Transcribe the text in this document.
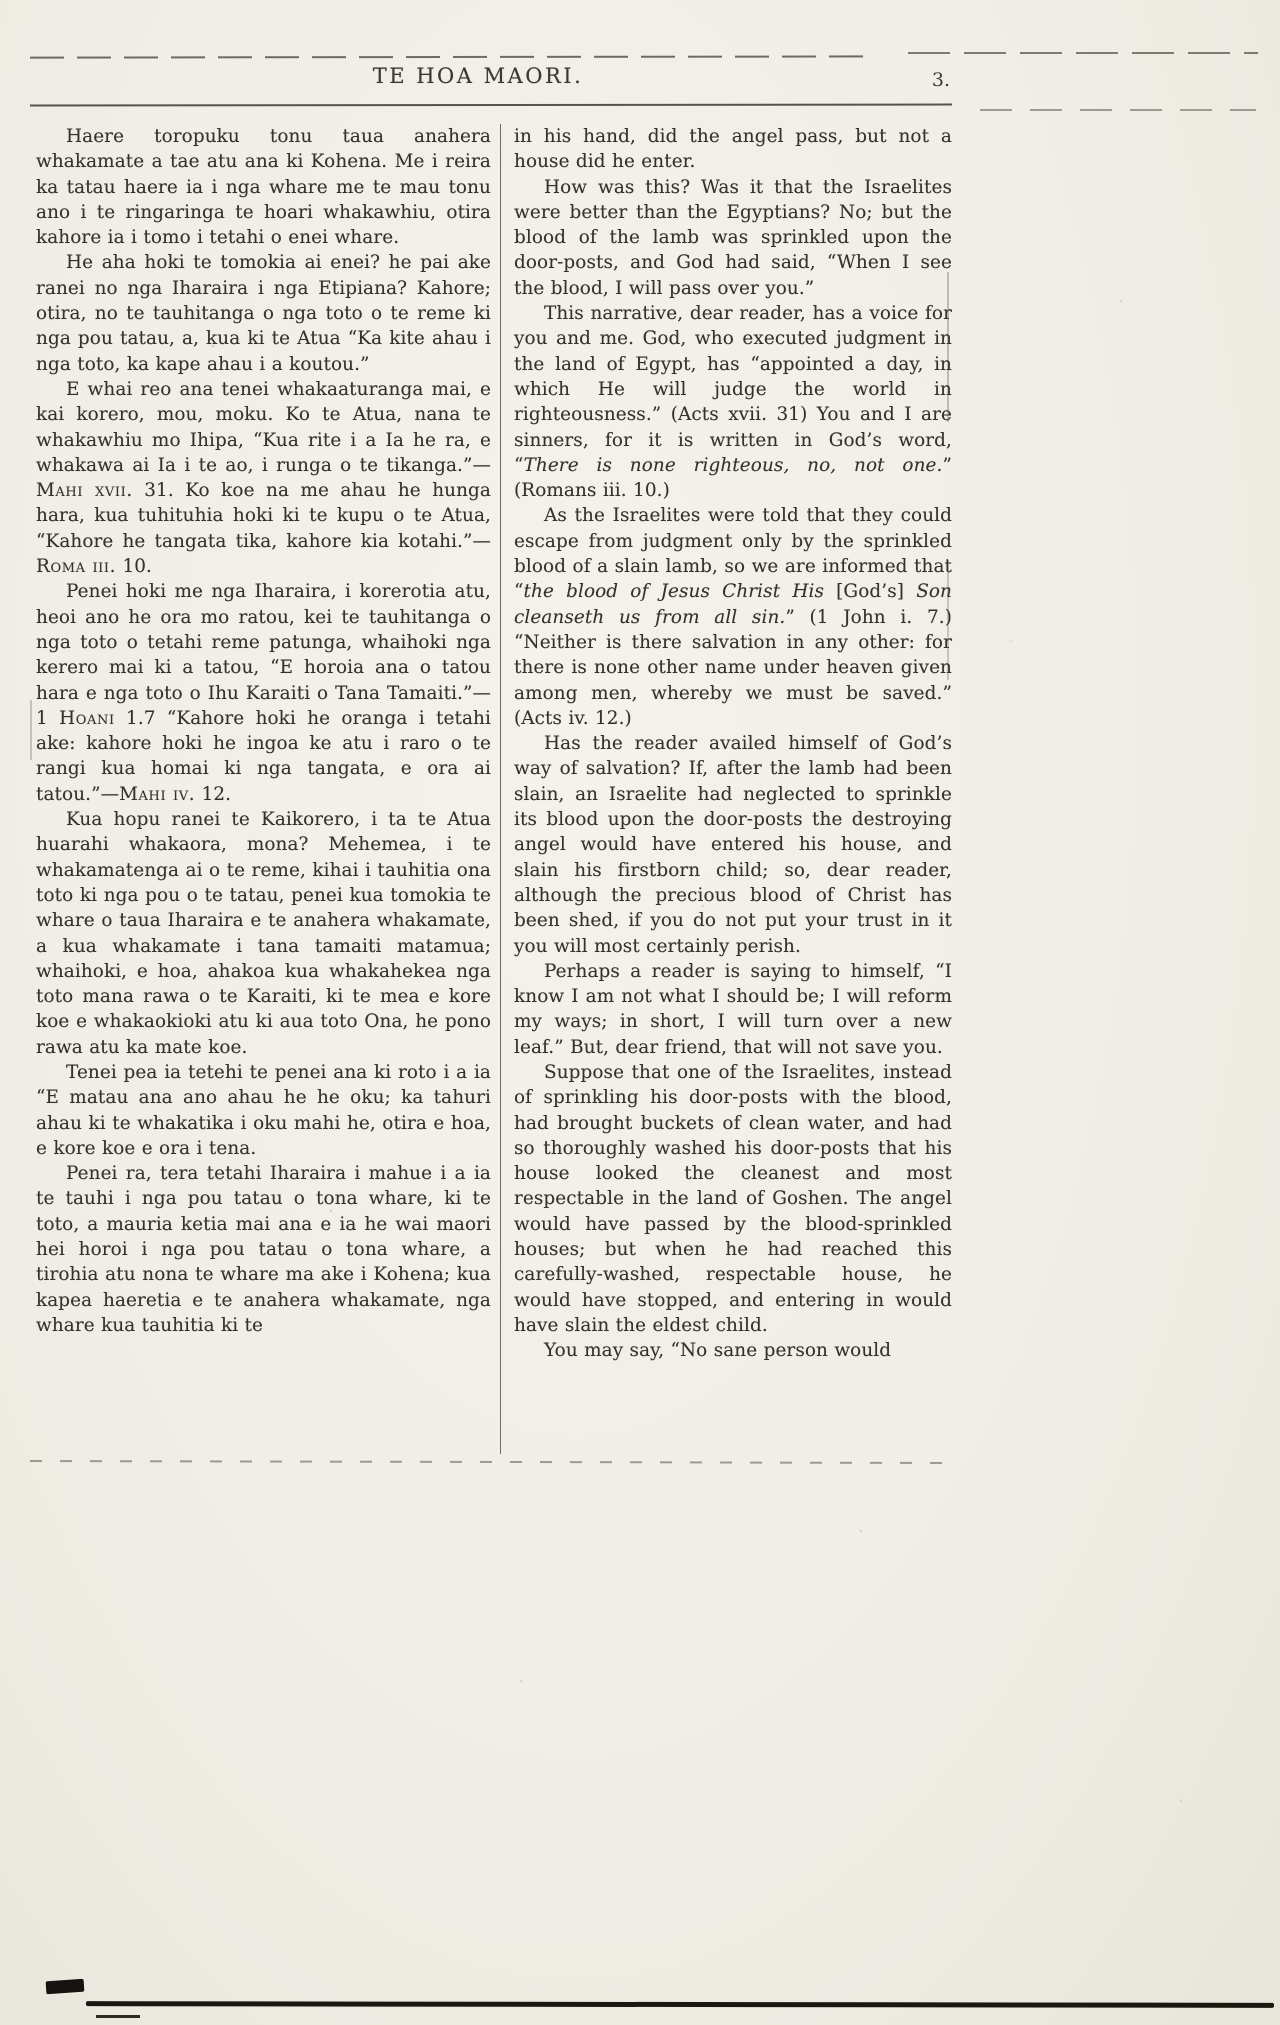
TE HOA MAORI.	3.

Haere toropuku tonu taua anahera whakamate a tae atu ana ki Kohena. Me i reira ka tatau haere ia i nga whare me te mau tonu ano i te ringaringa te hoari whakawhiu, otira kahore ia i tomo i tetahi o enei whare.

He aha hoki te tomokia ai enei? he pai ake ranei no nga Iharaira i nga Etipiana? Kahore; otira, no te tauhitanga o nga toto o te reme ki nga pou tatau, a, kua ki te Atua “Ka kite ahau i nga toto, ka kape ahau i a koutou.”

E whai reo ana tenei whakaaturanga mai, e kai korero, mou, moku. Ko te Atua, nana te whakawhiu mo Ihipa, “Kua rite i a Ia he ra, e whakawa ai Ia i te ao, i runga o te tikanga.”—Mahi xvii. 31. Ko koe na me ahau he hunga hara, kua tuhituhia hoki ki te kupu o te Atua, “Kahore he tangata tika, kahore kia kotahi.”—Roma iii. 10.

Penei hoki me nga Iharaira, i korerotia atu, heoi ano he ora mo ratou, kei te tauhitanga o nga toto o tetahi reme patunga, whaihoki nga kerero mai ki a tatou, “E horoia ana o tatou hara e nga toto o Ihu Karaiti o Tana Tamaiti.”—1 Hoani 1.7 “Kahore hoki he oranga i tetahi ake: kahore hoki he ingoa ke atu i raro o te rangi kua homai ki nga tangata, e ora ai tatou.”—Mahi iv. 12.

Kua hopu ranei te Kaikorero, i ta te Atua huarahi whakaora, mona? Mehemea, i te whakamatenga ai o te reme, kihai i tauhitia ona toto ki nga pou o te tatau, penei kua tomokia te whare o taua Iharaira e te anahera whakamate, a kua whakamate i tana tamaiti matamua; whaihoki, e hoa, ahakoa kua whakahekea nga toto mana rawa o te Karaiti, ki te mea e kore koe e whakaokioki atu ki aua toto Ona, he pono rawa atu ka mate koe.

Tenei pea ia tetehi te penei ana ki roto i a ia “E matau ana ano ahau he he oku; ka tahuri ahau ki te whakatika i oku mahi he, otira e hoa, e kore koe e ora i tena.

Penei ra, tera tetahi Iharaira i mahue i a ia te tauhi i nga pou tatau o tona whare, ki te toto, a mauria ketia mai ana e ia he wai maori hei horoi i nga pou tatau o tona whare, a tirohia atu nona te whare ma ake i Kohena; kua kapea haeretia e te anahera whakamate, nga whare kua tauhitia ki te

in his hand, did the angel pass, but not a house did he enter.

How was this? Was it that the Israelites were better than the Egyptians? No; but the blood of the lamb was sprinkled upon the door-posts, and God had said, “When I see the blood, I will pass over you.”

This narrative, dear reader, has a voice for you and me. God, who executed judgment in the land of Egypt, has “appointed a day, in which He will judge the world in righteousness.” (Acts xvii. 31) You and I are sinners, for it is written in God’s word, “There is none righteous, no, not one.” (Romans iii. 10.)

As the Israelites were told that they could escape from judgment only by the sprinkled blood of a slain lamb, so we are informed that “the blood of Jesus Christ His [God’s] Son cleanseth us from all sin.” (1 John i. 7.) “Neither is there salvation in any other: for there is none other name under heaven given among men, whereby we must be saved.” (Acts iv. 12.)

Has the reader availed himself of God’s way of salvation? If, after the lamb had been slain, an Israelite had neglected to sprinkle its blood upon the door-posts the destroying angel would have entered his house, and slain his firstborn child; so, dear reader, although the precious blood of Christ has been shed, if you do not put your trust in it you will most certainly perish.

Perhaps a reader is saying to himself, “I know I am not what I should be; I will reform my ways; in short, I will turn over a new leaf.” But, dear friend, that will not save you.

Suppose that one of the Israelites, instead of sprinkling his door-posts with the blood, had brought buckets of clean water, and had so thoroughly washed his door-posts that his house looked the cleanest and most respectable in the land of Goshen. The angel would have passed by the blood-sprinkled houses; but when he had reached this carefully-washed, respectable house, he would have stopped, and entering in would have slain the eldest child.

You may say, “No sane person would
